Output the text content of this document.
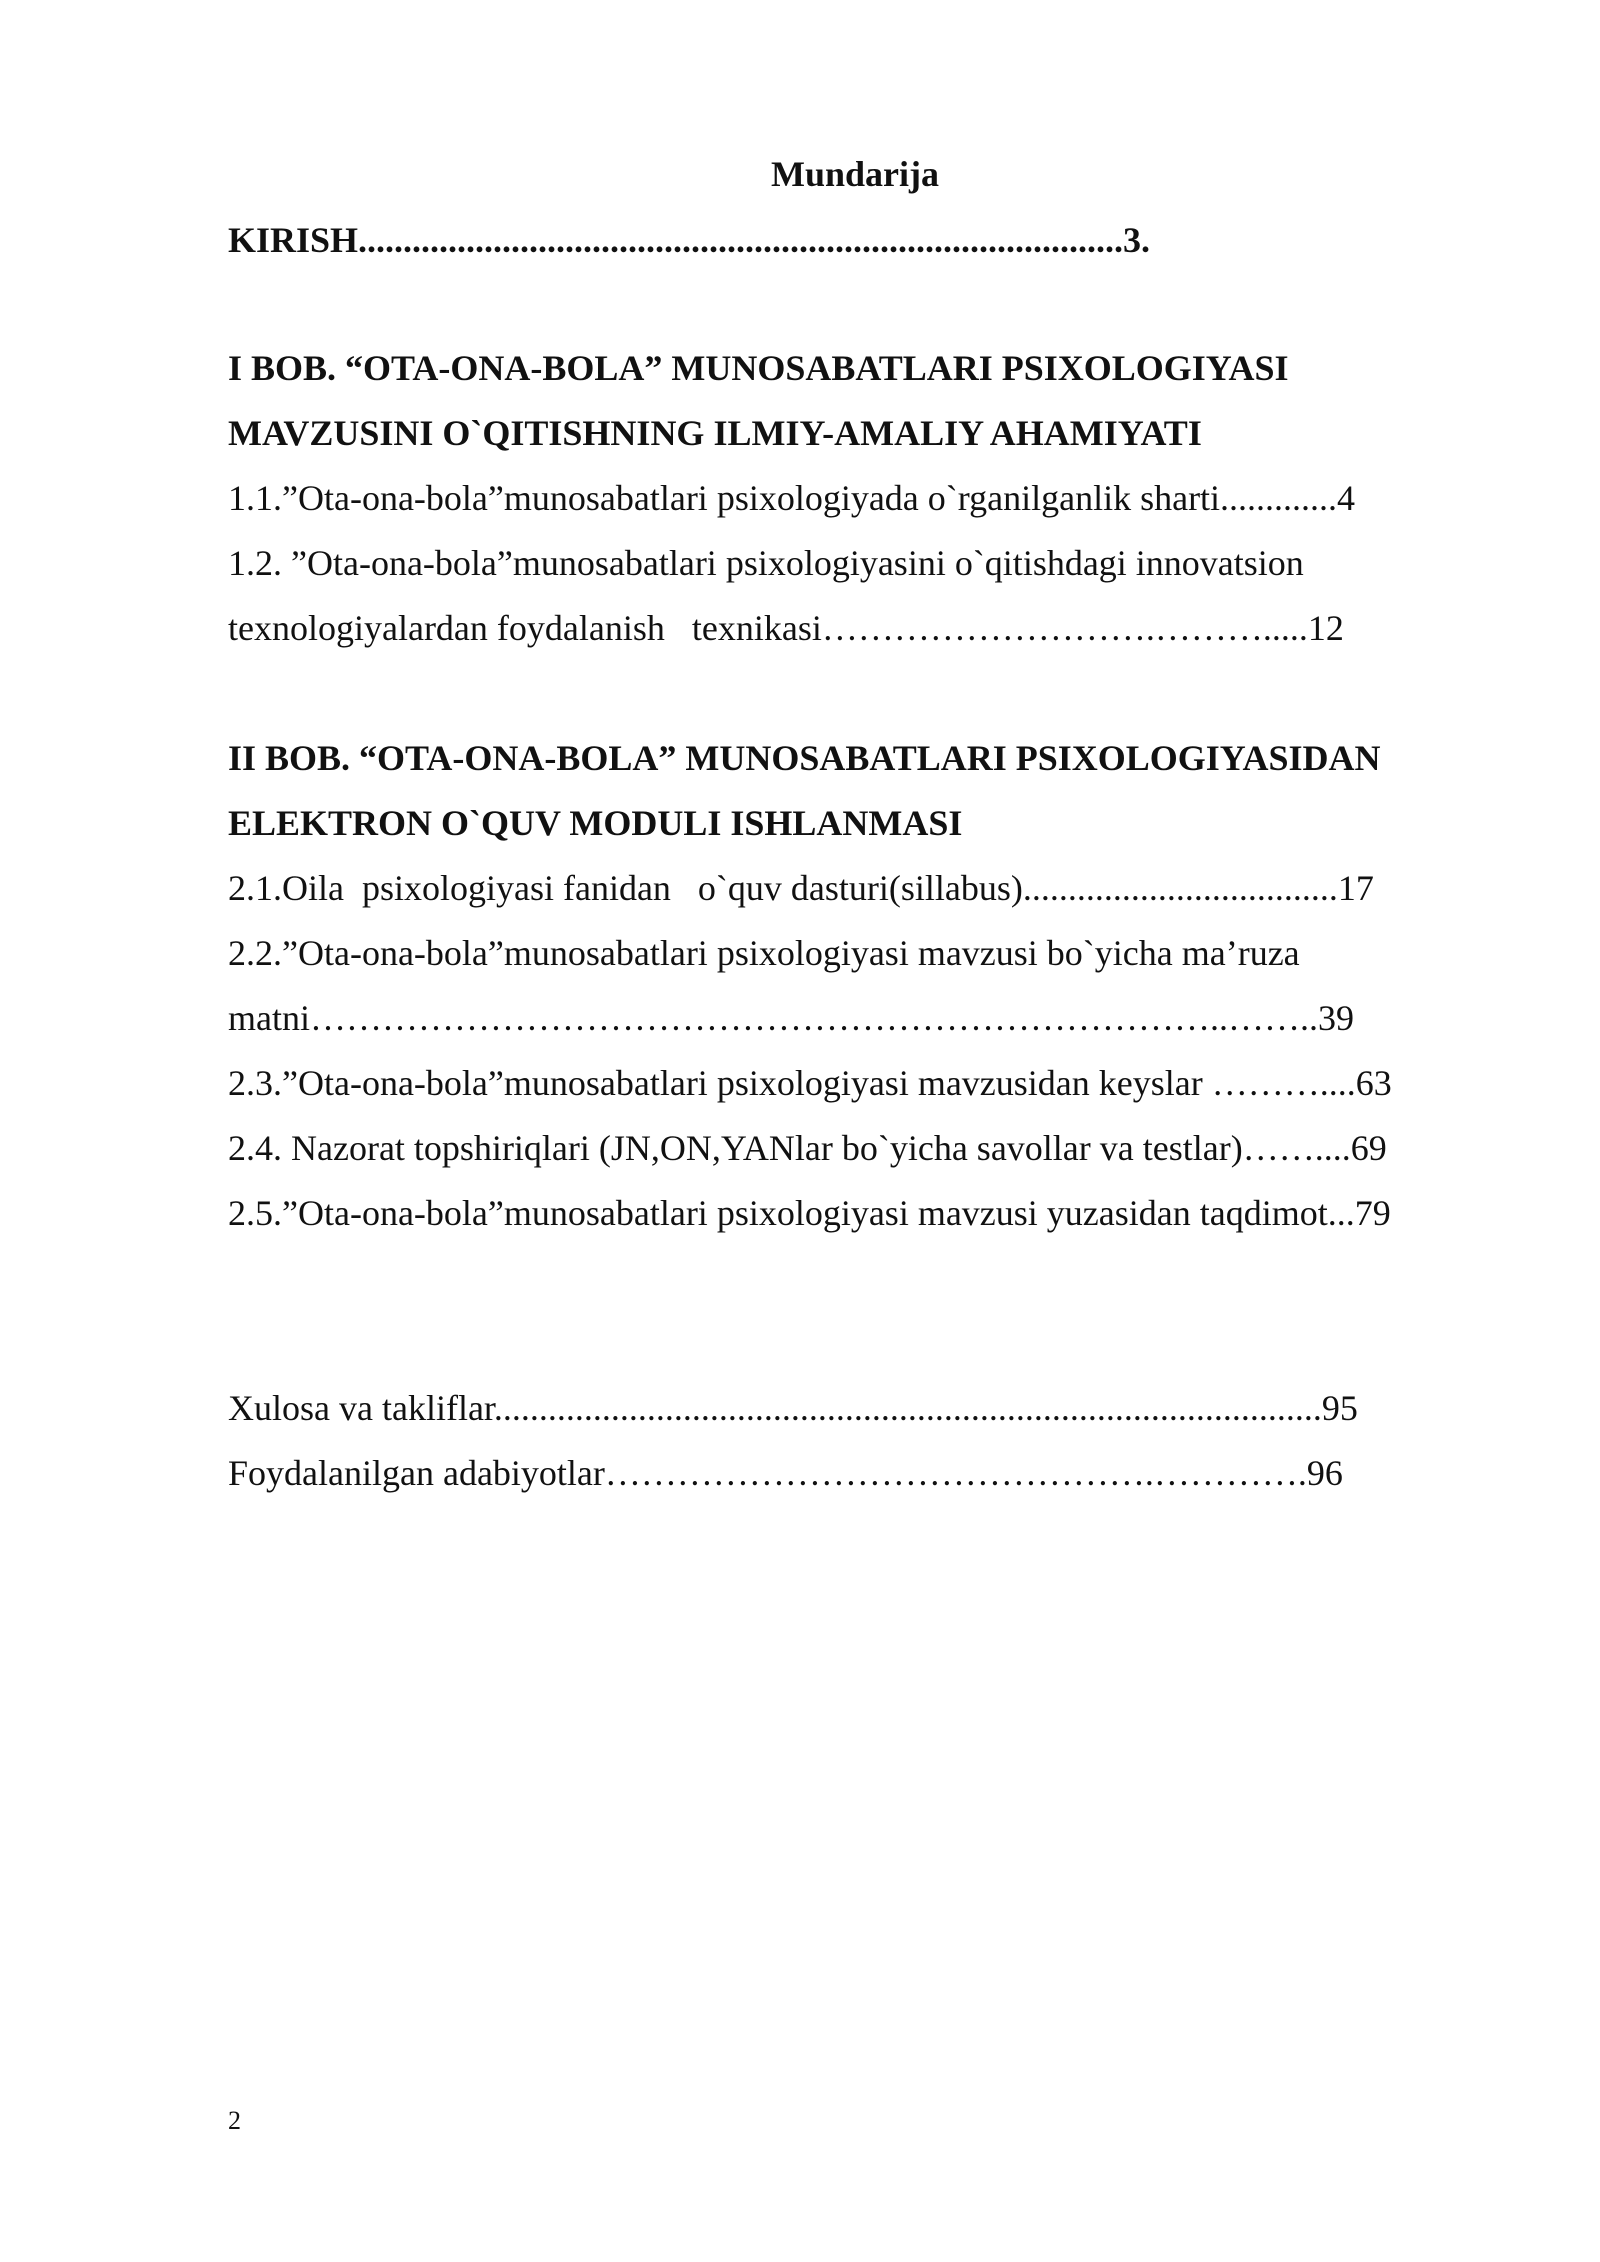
Mundarija
KIRISH.....................................................................................3.
I BOB. “OTA-ONA-BOLA” MUNOSABATLARI PSIXOLOGIYASI
MAVZUSINI O`QITISHNING ILMIY-AMALIY AHAMIYATI
1.1.”Ota-ona-bola”munosabatlari psixologiyada o`rganilganlik sharti.............4
1.2. ”Ota-ona-bola”munosabatlari psixologiyasini o`qitishdagi innovatsion
texnologiyalardan foydalanish   texnikasi……………………….……….....12
II BOB. “OTA-ONA-BOLA” MUNOSABATLARI PSIXOLOGIYASIDAN
ELEKTRON O`QUV MODULI ISHLANMASI
2.1.Oila  psixologiyasi fanidan   o`quv dasturi(sillabus)...................................17
2.2.”Ota-ona-bola”munosabatlari psixologiyasi mavzusi bo`yicha ma’ruza
matni…………………………………………………………………..……..39
2.3.”Ota-ona-bola”munosabatlari psixologiyasi mavzusidan keyslar ………....63
2.4. Nazorat topshiriqlari (JN,ON,YANlar bo`yicha savollar va testlar)……....69
2.5.”Ota-ona-bola”munosabatlari psixologiyasi mavzusi yuzasidan taqdimot...79
Xulosa va takliflar............................................................................................95
Foydalanilgan adabiyotlar……………………………………….………….96
2
